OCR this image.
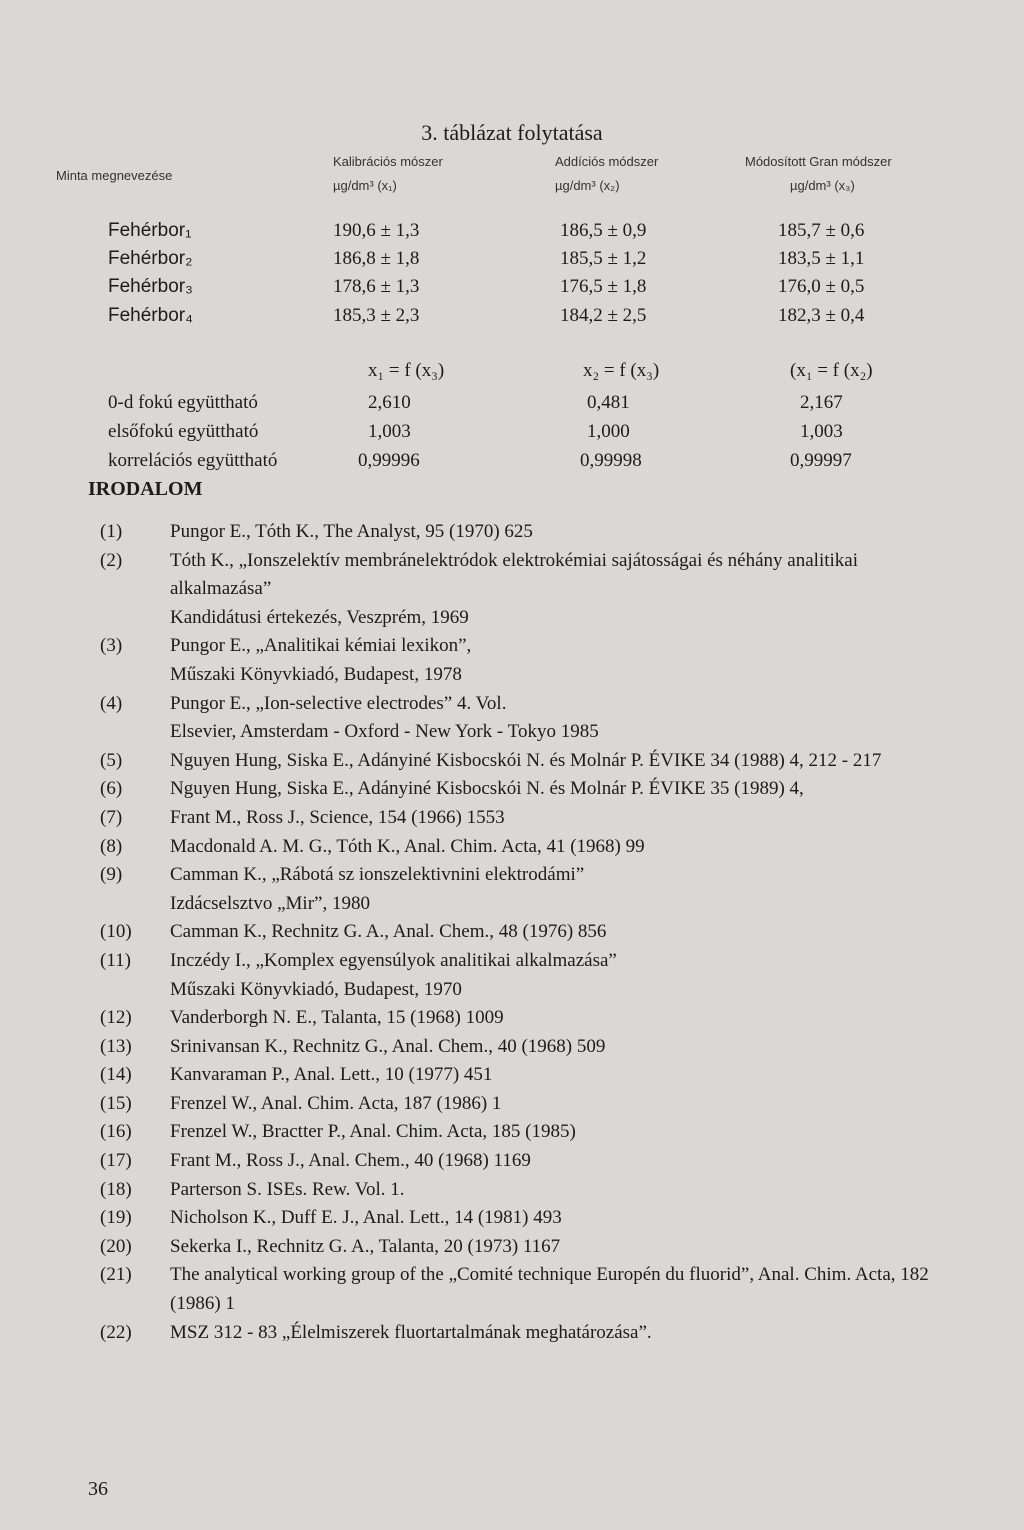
3. táblázat folytatása
Minta megnevezése
Kalibrációs mószer	Addíciós módszer	Módosított Gran módszer
µg/dm³ (x₁)	µg/dm³ (x₂)	µg/dm³ (x₃)
Fehérbor₁	190,6 ± 1,3	186,5 ± 0,9	185,7 ± 0,6
Fehérbor₂	186,8 ± 1,8	185,5 ± 1,2	183,5 ± 1,1
Fehérbor₃	178,6 ± 1,3	176,5 ± 1,8	176,0 ± 0,5
Fehérbor₄	185,3 ± 2,3	184,2 ± 2,5	182,3 ± 0,4
x₁ = f (x₃)	x₂ = f (x₃)	(x₁ = f (x₂)
0-d fokú együttható	2,610	0,481	2,167
elsőfokú együttható	1,003	1,000	1,003
korrelációs együttható	0,99996	0,99998	0,99997
IRODALOM
(1)	Pungor E., Tóth K., The Analyst, 95 (1970) 625
(2)	Tóth K., „Ionszelektív membránelektródok elektrokémiai sajátosságai és néhány analitikai alkalmazása”
Kandidátusi értekezés, Veszprém, 1969
(3)	Pungor E., „Analitikai kémiai lexikon”,
Műszaki Könyvkiadó, Budapest, 1978
(4)	Pungor E., „Ion-selective electrodes” 4. Vol.
Elsevier, Amsterdam - Oxford - New York - Tokyo 1985
(5)	Nguyen Hung, Siska E., Adányiné Kisbocskói N. és Molnár P. ÉVIKE 34 (1988) 4, 212 - 217
(6)	Nguyen Hung, Siska E., Adányiné Kisbocskói N. és Molnár P. ÉVIKE 35 (1989) 4,
(7)	Frant M., Ross J., Science, 154 (1966) 1553
(8)	Macdonald A. M. G., Tóth K., Anal. Chim. Acta, 41 (1968) 99
(9)	Camman K., „Rábotá sz ionszelektivnini elektrodámi”
Izdácselsztvo „Mir”, 1980
(10)	Camman K., Rechnitz G. A., Anal. Chem., 48 (1976) 856
(11)	Inczédy I., „Komplex egyensúlyok analitikai alkalmazása”
Műszaki Könyvkiadó, Budapest, 1970
(12)	Vanderborgh N. E., Talanta, 15 (1968) 1009
(13)	Srinivansan K., Rechnitz G., Anal. Chem., 40 (1968) 509
(14)	Kanvaraman P., Anal. Lett., 10 (1977) 451
(15)	Frenzel W., Anal. Chim. Acta, 187 (1986) 1
(16)	Frenzel W., Bractter P., Anal. Chim. Acta, 185 (1985)
(17)	Frant M., Ross J., Anal. Chem., 40 (1968) 1169
(18)	Parterson S. ISEs. Rew. Vol. 1.
(19)	Nicholson K., Duff E. J., Anal. Lett., 14 (1981) 493
(20)	Sekerka I., Rechnitz G. A., Talanta, 20 (1973) 1167
(21)	The analytical working group of the „Comité technique Europén du fluorid”, Anal. Chim. Acta, 182 (1986) 1
(22)	MSZ 312 - 83 „Élelmiszerek fluortartalmának meghatározása”.
36
